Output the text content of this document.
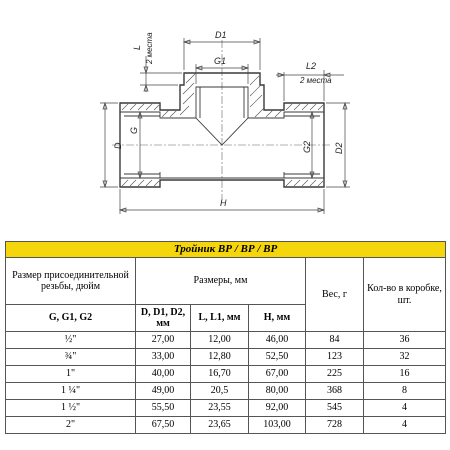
D1
G1
L 2 места
L2
2 места
D
G
G2 D2
H
Тройник ВР / ВР / ВР					
Размер присоединительной резьбы, дюйм	Размеры, мм			Вес, г	Кол-во в коробке, шт.
G, G1, G2	D, D1, D2, мм	L, L1, мм	H, мм		
½"	27,00	12,00	46,00	84	36
¾"	33,00	12,80	52,50	123	32
1"	40,00	16,70	67,00	225	16
1 ¼"	49,00	20,5	80,00	368	8
1 ½"	55,50	23,55	92,00	545	4
2"	67,50	23,65	103,00	728	4
